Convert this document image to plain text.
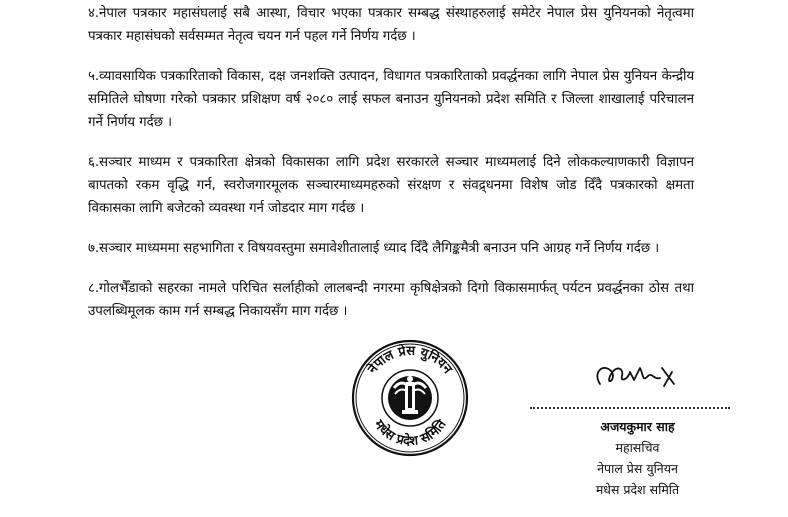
४.नेपाल पत्रकार महासंघलाई सबै आस्था, विचार भएका पत्रकार सम्बद्ध संस्थाहरुलाई समेटेर नेपाल प्रेस युनियनको नेतृत्वमा पत्रकार महासंघको सर्वसम्मत नेतृत्व चयन गर्न पहल गर्ने निर्णय गर्दछ ।

५.व्यावसायिक पत्रकारिताको विकास, दक्ष जनशक्ति उत्पादन, विधागत पत्रकारिताको प्रवर्द्धनका लागि नेपाल प्रेस युनियन केन्द्रीय समितिले घोषणा गरेको पत्रकार प्रशिक्षण वर्ष २०८० लाई सफल बनाउन युनियनको प्रदेश समिति र जिल्ला शाखालाई परिचालन गर्ने निर्णय गर्दछ ।

६.सञ्चार माध्यम र पत्रकारिता क्षेत्रको विकासका लागि प्रदेश सरकारले सञ्चार माध्यमलाई दिने लोककल्याणकारी विज्ञापन बापतको रकम वृद्धि गर्न, स्वरोजगारमूलक सञ्चारमाध्यमहरुको संरक्षण र संवद्र्धनमा विशेष जोड दिँदै पत्रकारको क्षमता विकासका लागि बजेटको व्यवस्था गर्न जोडदार माग गर्दछ ।

७.सञ्चार माध्यममा सहभागिता र विषयवस्तुमा समावेशीतालाई ध्याद दिँदै लैगिङ्कमैत्री बनाउन पनि आग्रह गर्ने निर्णय गर्दछ ।

८.गोलभैँडाको सहरका नामले परिचित सर्लाहीको लालबन्दी नगरमा कृषिक्षेत्रको दिगो विकासमार्फत् पर्यटन प्रवर्द्धनका ठोस तथा उपलब्धिमूलक काम गर्न सम्बद्ध निकायसँग माग गर्दछ ।

नेपाल प्रेस युनियन
मधेस प्रदेश समिति	अजयकुमार साह
महासचिव
नेपाल प्रेस युनियन
मधेस प्रदेश समिति
